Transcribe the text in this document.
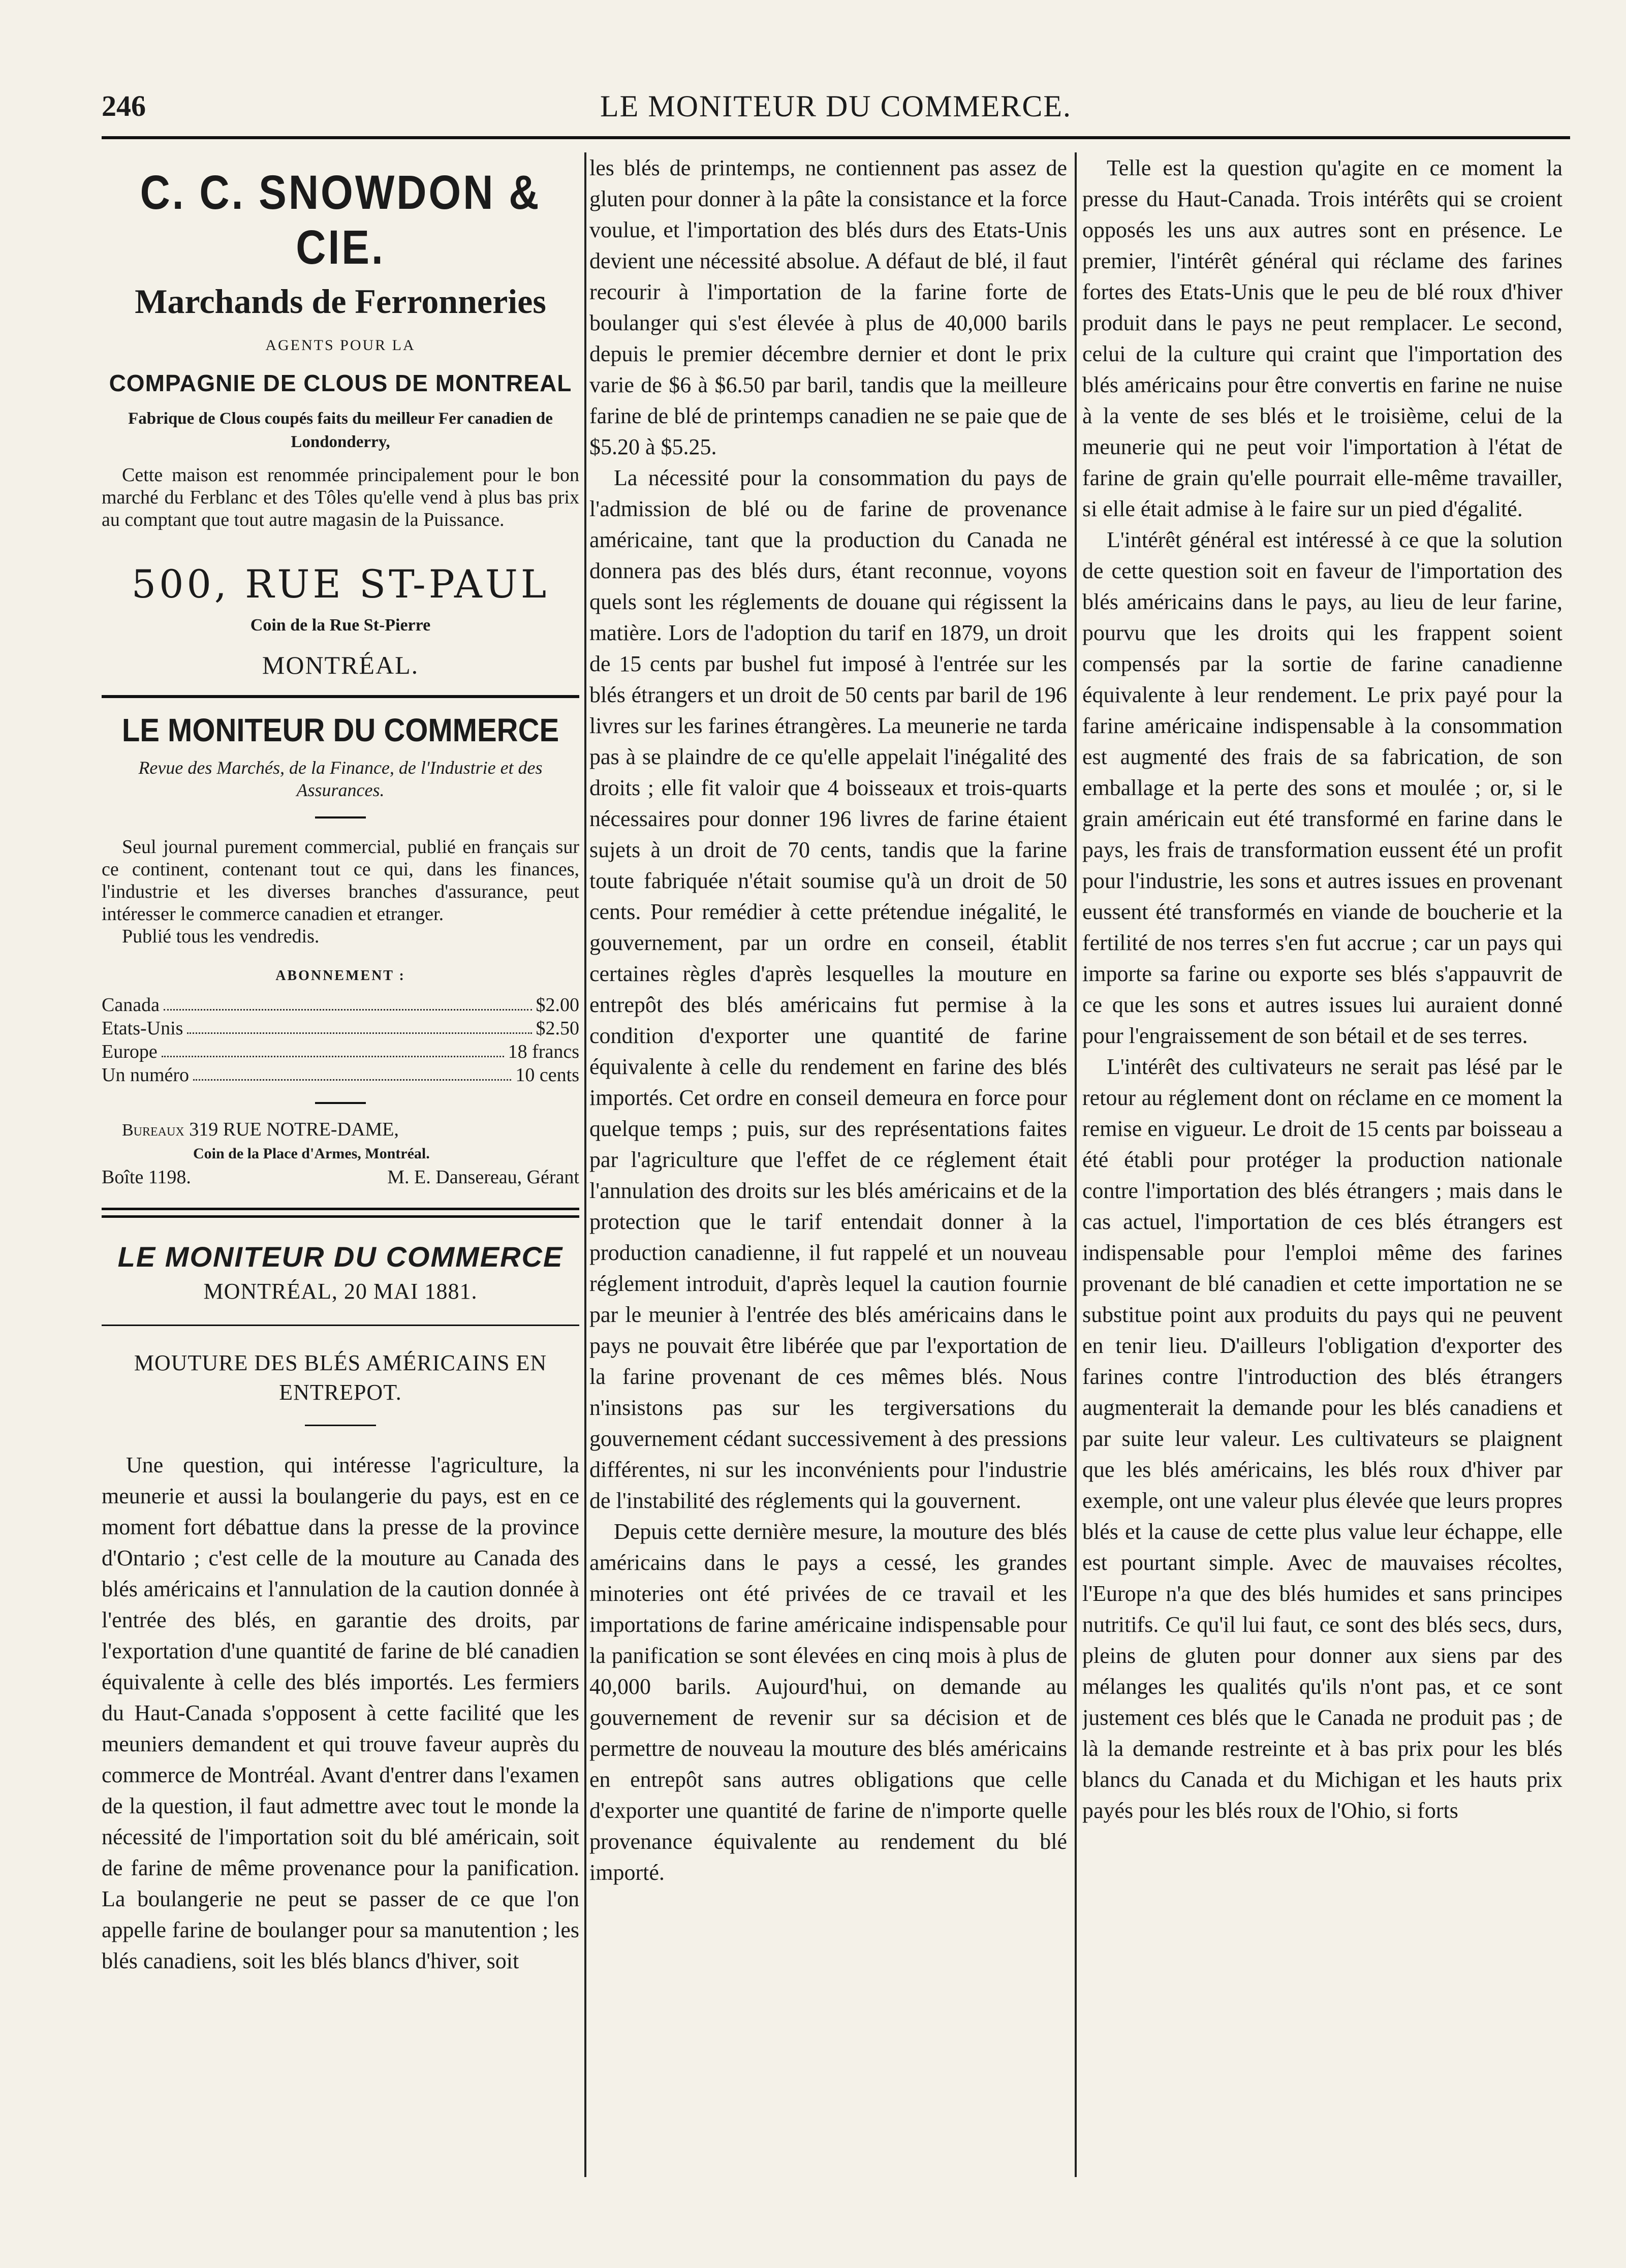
246	LE MONITEUR DU COMMERCE.
C. C. SNOWDON & CIE.
Marchands de Ferronneries
AGENTS POUR LA
COMPAGNIE DE CLOUS DE MONTREAL
Fabrique de Clous coupés faits du meilleur Fer canadien de Londonderry,

Cette maison est renommée principalement pour le bon marché du Ferblanc et des Tôles qu'elle vend à plus bas prix au comptant que tout autre magasin de la Puissance.

500, RUE ST-PAUL
Coin de la Rue St-Pierre
MONTRÉAL.
LE MONITEUR DU COMMERCE
Revue des Marchés, de la Finance, de l'Industrie et des Assurances.

Seul journal purement commercial, publié en français sur ce continent, contenant tout ce qui, dans les finances, l'industrie et les diverses branches d'assurance, peut intéresser le commerce canadien et etranger.

Publié tous les vendredis.

ABONNEMENT :
Canada	$2.00
Etats-Unis	$2.50
Europe	18 francs
Un numéro	10 cents
Bureaux 319 RUE NOTRE-DAME,
Coin de la Place d'Armes, Montréal.
Boîte 1198.	M. E. Dansereau, Gérant
LE MONITEUR DU COMMERCE
MONTRÉAL, 20 MAI 1881.
MOUTURE DES BLÉS AMÉRICAINS EN ENTREPOT.

Une question, qui intéresse l'agriculture, la meunerie et aussi la boulangerie du pays, est en ce moment fort débattue dans la presse de la province d'Ontario ; c'est celle de la mouture au Canada des blés américains et l'annulation de la caution donnée à l'entrée des blés, en garantie des droits, par l'exportation d'une quantité de farine de blé canadien équivalente à celle des blés importés. Les fermiers du Haut-Canada s'opposent à cette facilité que les meuniers demandent et qui trouve faveur auprès du commerce de Montréal. Avant d'entrer dans l'examen de la question, il faut admettre avec tout le monde la nécessité de l'importation soit du blé américain, soit de farine de même provenance pour la panification. La boulangerie ne peut se passer de ce que l'on appelle farine de boulanger pour sa manutention ; les blés canadiens, soit les blés blancs d'hiver, soit

les blés de printemps, ne contiennent pas assez de gluten pour donner à la pâte la consistance et la force voulue, et l'importation des blés durs des Etats-Unis devient une nécessité absolue. A défaut de blé, il faut recourir à l'importation de la farine forte de boulanger qui s'est élevée à plus de 40,000 barils depuis le premier décembre dernier et dont le prix varie de $6 à $6.50 par baril, tandis que la meilleure farine de blé de printemps canadien ne se paie que de $5.20 à $5.25.

La nécessité pour la consommation du pays de l'admission de blé ou de farine de provenance américaine, tant que la production du Canada ne donnera pas des blés durs, étant reconnue, voyons quels sont les réglements de douane qui régissent la matière. Lors de l'adoption du tarif en 1879, un droit de 15 cents par bushel fut imposé à l'entrée sur les blés étrangers et un droit de 50 cents par baril de 196 livres sur les farines étrangères. La meunerie ne tarda pas à se plaindre de ce qu'elle appelait l'inégalité des droits ; elle fit valoir que 4 boisseaux et trois-quarts nécessaires pour donner 196 livres de farine étaient sujets à un droit de 70 cents, tandis que la farine toute fabriquée n'était soumise qu'à un droit de 50 cents. Pour remédier à cette prétendue inégalité, le gouvernement, par un ordre en conseil, établit certaines règles d'après lesquelles la mouture en entrepôt des blés américains fut permise à la condition d'exporter une quantité de farine équivalente à celle du rendement en farine des blés importés. Cet ordre en conseil demeura en force pour quelque temps ; puis, sur des représentations faites par l'agriculture que l'effet de ce réglement était l'annulation des droits sur les blés américains et de la protection que le tarif entendait donner à la production canadienne, il fut rappelé et un nouveau réglement introduit, d'après lequel la caution fournie par le meunier à l'entrée des blés américains dans le pays ne pouvait être libérée que par l'exportation de la farine provenant de ces mêmes blés. Nous n'insistons pas sur les tergiversations du gouvernement cédant successivement à des pressions différentes, ni sur les inconvénients pour l'industrie de l'instabilité des réglements qui la gouvernent.

Depuis cette dernière mesure, la mouture des blés américains dans le pays a cessé, les grandes minoteries ont été privées de ce travail et les importations de farine américaine indispensable pour la panification se sont élevées en cinq mois à plus de 40,000 barils. Aujourd'hui, on demande au gouvernement de revenir sur sa décision et de permettre de nouveau la mouture des blés américains en entrepôt sans autres obligations que celle d'exporter une quantité de farine de n'importe quelle provenance équivalente au rendement du blé importé.

Telle est la question qu'agite en ce moment la presse du Haut-Canada. Trois intérêts qui se croient opposés les uns aux autres sont en présence. Le premier, l'intérêt général qui réclame des farines fortes des Etats-Unis que le peu de blé roux d'hiver produit dans le pays ne peut remplacer. Le second, celui de la culture qui craint que l'importation des blés américains pour être convertis en farine ne nuise à la vente de ses blés et le troisième, celui de la meunerie qui ne peut voir l'importation à l'état de farine de grain qu'elle pourrait elle-même travailler, si elle était admise à le faire sur un pied d'égalité.

L'intérêt général est intéressé à ce que la solution de cette question soit en faveur de l'importation des blés américains dans le pays, au lieu de leur farine, pourvu que les droits qui les frappent soient compensés par la sortie de farine canadienne équivalente à leur rendement. Le prix payé pour la farine américaine indispensable à la consommation est augmenté des frais de sa fabrication, de son emballage et la perte des sons et moulée ; or, si le grain américain eut été transformé en farine dans le pays, les frais de transformation eussent été un profit pour l'industrie, les sons et autres issues en provenant eussent été transformés en viande de boucherie et la fertilité de nos terres s'en fut accrue ; car un pays qui importe sa farine ou exporte ses blés s'appauvrit de ce que les sons et autres issues lui auraient donné pour l'engraissement de son bétail et de ses terres.

L'intérêt des cultivateurs ne serait pas lésé par le retour au réglement dont on réclame en ce moment la remise en vigueur. Le droit de 15 cents par boisseau a été établi pour protéger la production nationale contre l'importation des blés étrangers ; mais dans le cas actuel, l'importation de ces blés étrangers est indispensable pour l'emploi même des farines provenant de blé canadien et cette importation ne se substitue point aux produits du pays qui ne peuvent en tenir lieu. D'ailleurs l'obligation d'exporter des farines contre l'introduction des blés étrangers augmenterait la demande pour les blés canadiens et par suite leur valeur. Les cultivateurs se plaignent que les blés américains, les blés roux d'hiver par exemple, ont une valeur plus élevée que leurs propres blés et la cause de cette plus value leur échappe, elle est pourtant simple. Avec de mauvaises récoltes, l'Europe n'a que des blés humides et sans principes nutritifs. Ce qu'il lui faut, ce sont des blés secs, durs, pleins de gluten pour donner aux siens par des mélanges les qualités qu'ils n'ont pas, et ce sont justement ces blés que le Canada ne produit pas ; de là la demande restreinte et à bas prix pour les blés blancs du Canada et du Michigan et les hauts prix payés pour les blés roux de l'Ohio, si forts
